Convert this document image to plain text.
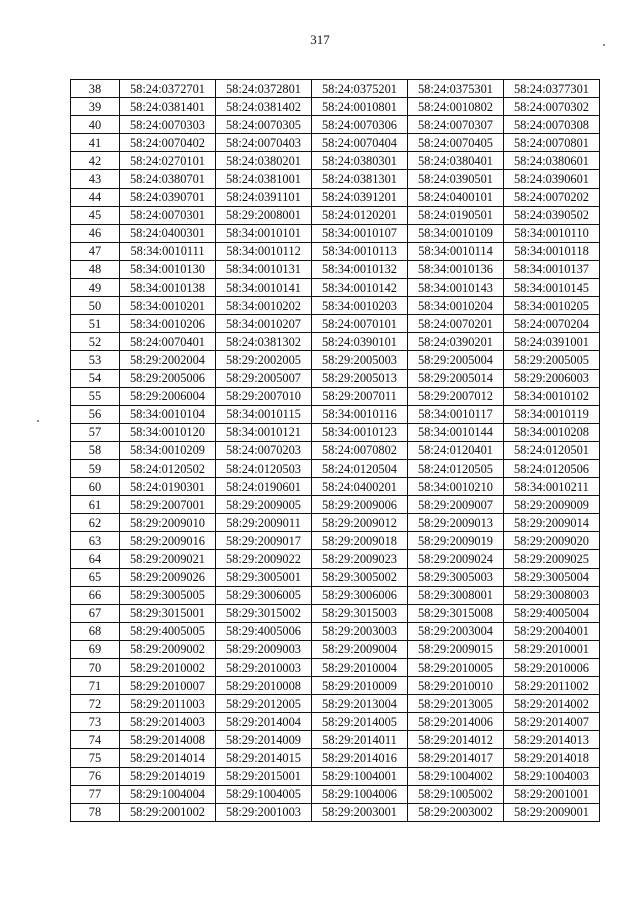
317
38	58:24:0372701	58:24:0372801	58:24:0375201	58:24:0375301	58:24:0377301
39	58:24:0381401	58:24:0381402	58:24:0010801	58:24:0010802	58:24:0070302
40	58:24:0070303	58:24:0070305	58:24:0070306	58:24:0070307	58:24:0070308
41	58:24:0070402	58:24:0070403	58:24:0070404	58:24:0070405	58:24:0070801
42	58:24:0270101	58:24:0380201	58:24:0380301	58:24:0380401	58:24:0380601
43	58:24:0380701	58:24:0381001	58:24:0381301	58:24:0390501	58:24:0390601
44	58:24:0390701	58:24:0391101	58:24:0391201	58:24:0400101	58:24:0070202
45	58:24:0070301	58:29:2008001	58:24:0120201	58:24:0190501	58:24:0390502
46	58:24:0400301	58:34:0010101	58:34:0010107	58:34:0010109	58:34:0010110
47	58:34:0010111	58:34:0010112	58:34:0010113	58:34:0010114	58:34:0010118
48	58:34:0010130	58:34:0010131	58:34:0010132	58:34:0010136	58:34:0010137
49	58:34:0010138	58:34:0010141	58:34:0010142	58:34:0010143	58:34:0010145
50	58:34:0010201	58:34:0010202	58:34:0010203	58:34:0010204	58:34:0010205
51	58:34:0010206	58:34:0010207	58:24:0070101	58:24:0070201	58:24:0070204
52	58:24:0070401	58:24:0381302	58:24:0390101	58:24:0390201	58:24:0391001
53	58:29:2002004	58:29:2002005	58:29:2005003	58:29:2005004	58:29:2005005
54	58:29:2005006	58:29:2005007	58:29:2005013	58:29:2005014	58:29:2006003
55	58:29:2006004	58:29:2007010	58:29:2007011	58:29:2007012	58:34:0010102
56	58:34:0010104	58:34:0010115	58:34:0010116	58:34:0010117	58:34:0010119
57	58:34:0010120	58:34:0010121	58:34:0010123	58:34:0010144	58:34:0010208
58	58:34:0010209	58:24:0070203	58:24:0070802	58:24:0120401	58:24:0120501
59	58:24:0120502	58:24:0120503	58:24:0120504	58:24:0120505	58:24:0120506
60	58:24:0190301	58:24:0190601	58:24:0400201	58:34:0010210	58:34:0010211
61	58:29:2007001	58:29:2009005	58:29:2009006	58:29:2009007	58:29:2009009
62	58:29:2009010	58:29:2009011	58:29:2009012	58:29:2009013	58:29:2009014
63	58:29:2009016	58:29:2009017	58:29:2009018	58:29:2009019	58:29:2009020
64	58:29:2009021	58:29:2009022	58:29:2009023	58:29:2009024	58:29:2009025
65	58:29:2009026	58:29:3005001	58:29:3005002	58:29:3005003	58:29:3005004
66	58:29:3005005	58:29:3006005	58:29:3006006	58:29:3008001	58:29:3008003
67	58:29:3015001	58:29:3015002	58:29:3015003	58:29:3015008	58:29:4005004
68	58:29:4005005	58:29:4005006	58:29:2003003	58:29:2003004	58:29:2004001
69	58:29:2009002	58:29:2009003	58:29:2009004	58:29:2009015	58:29:2010001
70	58:29:2010002	58:29:2010003	58:29:2010004	58:29:2010005	58:29:2010006
71	58:29:2010007	58:29:2010008	58:29:2010009	58:29:2010010	58:29:2011002
72	58:29:2011003	58:29:2012005	58:29:2013004	58:29:2013005	58:29:2014002
73	58:29:2014003	58:29:2014004	58:29:2014005	58:29:2014006	58:29:2014007
74	58:29:2014008	58:29:2014009	58:29:2014011	58:29:2014012	58:29:2014013
75	58:29:2014014	58:29:2014015	58:29:2014016	58:29:2014017	58:29:2014018
76	58:29:2014019	58:29:2015001	58:29:1004001	58:29:1004002	58:29:1004003
77	58:29:1004004	58:29:1004005	58:29:1004006	58:29:1005002	58:29:2001001
78	58:29:2001002	58:29:2001003	58:29:2003001	58:29:2003002	58:29:2009001
